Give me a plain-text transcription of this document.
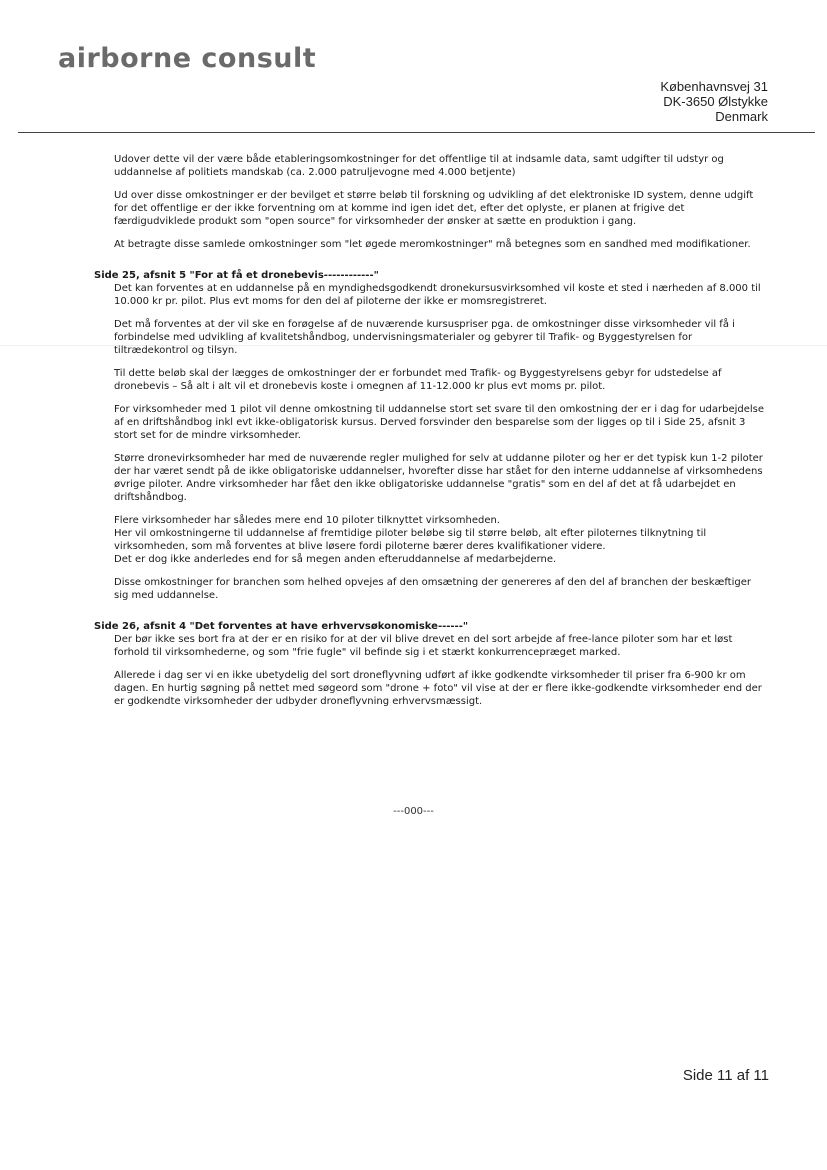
airborne consult
Københavnsvej 31
DK-3650 Ølstykke
Denmark

Udover dette vil der være både etableringsomkostninger for det offentlige til at indsamle data, samt udgifter til udstyr og uddannelse af politiets mandskab (ca. 2.000 patruljevogne med 4.000 betjente)

Ud over disse omkostninger er der bevilget et større beløb til forskning og udvikling af det elektroniske ID system, denne udgift for det offentlige er der ikke forventning om at komme ind igen idet det, efter det oplyste, er planen at frigive det færdigudviklede produkt som "open source" for virksomheder der ønsker at sætte en produktion i gang.

At betragte disse samlede omkostninger som "let øgede meromkostninger" må betegnes som en sandhed med modifikationer.

Side 25, afsnit 5 "For at få et dronebevis------------"

Det kan forventes at en uddannelse på en myndighedsgodkendt dronekursusvirksomhed vil koste et sted i nærheden af 8.000 til 10.000 kr pr. pilot. Plus evt moms for den del af piloterne der ikke er momsregistreret.

Det må forventes at der vil ske en forøgelse af de nuværende kursuspriser pga. de omkostninger disse virksomheder vil få i forbindelse med udvikling af kvalitetshåndbog, undervisningsmaterialer og gebyrer til Trafik- og Byggestyrelsen for tiltrædekontrol og tilsyn.

Til dette beløb skal der lægges de omkostninger der er forbundet med Trafik- og Byggestyrelsens gebyr for udstedelse af dronebevis – Så alt i alt vil et dronebevis koste i omegnen af 11-12.000 kr plus evt moms pr. pilot.

For virksomheder med 1 pilot vil denne omkostning til uddannelse stort set svare til den omkostning der er i dag for udarbejdelse af en driftshåndbog inkl evt ikke-obligatorisk kursus. Derved forsvinder den besparelse som der ligges op til i Side 25, afsnit 3 stort set for de mindre virksomheder.

Større dronevirksomheder har med de nuværende regler mulighed for selv at uddanne piloter og her er det typisk kun 1-2 piloter der har været sendt på de ikke obligatoriske uddannelser, hvorefter disse har stået for den interne uddannelse af virksomhedens øvrige piloter. Andre virksomheder har fået den ikke obligatoriske uddannelse "gratis" som en del af det at få udarbejdet en driftshåndbog.

Flere virksomheder har således mere end 10 piloter tilknyttet virksomheden.
Her vil omkostningerne til uddannelse af fremtidige piloter beløbe sig til større beløb, alt efter piloternes tilknytning til virksomheden, som må forventes at blive løsere fordi piloterne bærer deres kvalifikationer videre.
Det er dog ikke anderledes end for så megen anden efteruddannelse af medarbejderne.

Disse omkostninger for branchen som helhed opvejes af den omsætning der genereres af den del af branchen der beskæftiger sig med uddannelse.

Side 26, afsnit 4 "Det forventes at have erhvervsøkonomiske------"

Der bør ikke ses bort fra at der er en risiko for at der vil blive drevet en del sort arbejde af free-lance piloter som har et løst forhold til virksomhederne, og som "frie fugle" vil befinde sig i et stærkt konkurrencepræget marked.

Allerede i dag ser vi en ikke ubetydelig del sort droneflyvning udført af ikke godkendte virksomheder til priser fra 6-900 kr om dagen. En hurtig søgning på nettet med søgeord som "drone + foto" vil vise at der er flere ikke-godkendte virksomheder end der er godkendte virksomheder der udbyder droneflyvning erhvervsmæssigt.

---000---
Side 11 af 11
